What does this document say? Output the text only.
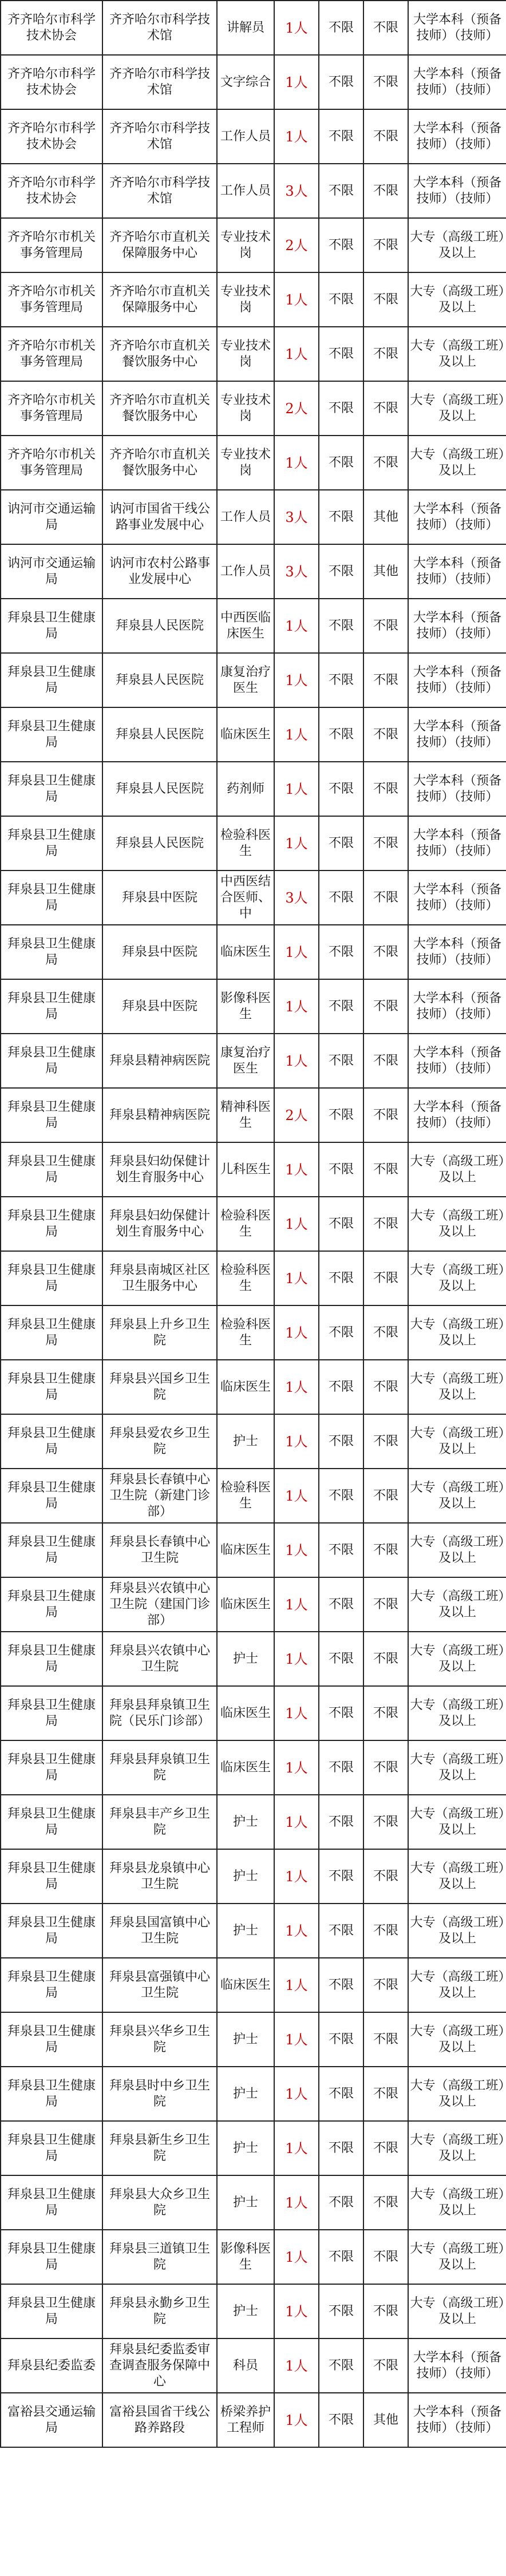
齐齐哈尔市科学技术协会	齐齐哈尔市科学技术馆	讲解员	1人	不限	不限	大学本科（预备技师）（技师）
齐齐哈尔市科学技术协会	齐齐哈尔市科学技术馆	文字综合	1人	不限	不限	大学本科（预备技师）（技师）
齐齐哈尔市科学技术协会	齐齐哈尔市科学技术馆	工作人员	1人	不限	不限	大学本科（预备技师）（技师）
齐齐哈尔市科学技术协会	齐齐哈尔市科学技术馆	工作人员	3人	不限	不限	大学本科（预备技师）（技师）
齐齐哈尔市机关事务管理局	齐齐哈尔市直机关保障服务中心	专业技术岗	2人	不限	不限	大专（高级工班）及以上
齐齐哈尔市机关事务管理局	齐齐哈尔市直机关保障服务中心	专业技术岗	1人	不限	不限	大专（高级工班）及以上
齐齐哈尔市机关事务管理局	齐齐哈尔市直机关餐饮服务中心	专业技术岗	1人	不限	不限	大专（高级工班）及以上
齐齐哈尔市机关事务管理局	齐齐哈尔市直机关餐饮服务中心	专业技术岗	2人	不限	不限	大专（高级工班）及以上
齐齐哈尔市机关事务管理局	齐齐哈尔市直机关餐饮服务中心	专业技术岗	1人	不限	不限	大专（高级工班）及以上
讷河市交通运输局	讷河市国省干线公路事业发展中心	工作人员	3人	不限	其他	大学本科（预备技师）（技师）
讷河市交通运输局	讷河市农村公路事业发展中心	工作人员	3人	不限	其他	大学本科（预备技师）（技师）
拜泉县卫生健康局	拜泉县人民医院	中西医临床医生	1人	不限	不限	大学本科（预备技师）（技师）
拜泉县卫生健康局	拜泉县人民医院	康复治疗医生	1人	不限	不限	大学本科（预备技师）（技师）
拜泉县卫生健康局	拜泉县人民医院	临床医生	1人	不限	不限	大学本科（预备技师）（技师）
拜泉县卫生健康局	拜泉县人民医院	药剂师	1人	不限	不限	大学本科（预备技师）（技师）
拜泉县卫生健康局	拜泉县人民医院	检验科医生	1人	不限	不限	大学本科（预备技师）（技师）
拜泉县卫生健康局	拜泉县中医院	中西医结合医师、中	3人	不限	不限	大学本科（预备技师）（技师）
拜泉县卫生健康局	拜泉县中医院	临床医生	1人	不限	不限	大学本科（预备技师）（技师）
拜泉县卫生健康局	拜泉县中医院	影像科医生	1人	不限	不限	大学本科（预备技师）（技师）
拜泉县卫生健康局	拜泉县精神病医院	康复治疗医生	1人	不限	不限	大学本科（预备技师）（技师）
拜泉县卫生健康局	拜泉县精神病医院	精神科医生	2人	不限	不限	大学本科（预备技师）（技师）
拜泉县卫生健康局	拜泉县妇幼保健计划生育服务中心	儿科医生	1人	不限	不限	大专（高级工班）及以上
拜泉县卫生健康局	拜泉县妇幼保健计划生育服务中心	检验科医生	1人	不限	不限	大专（高级工班）及以上
拜泉县卫生健康局	拜泉县南城区社区卫生服务中心	检验科医生	1人	不限	不限	大专（高级工班）及以上
拜泉县卫生健康局	拜泉县上升乡卫生院	检验科医生	1人	不限	不限	大专（高级工班）及以上
拜泉县卫生健康局	拜泉县兴国乡卫生院	临床医生	1人	不限	不限	大专（高级工班）及以上
拜泉县卫生健康局	拜泉县爱农乡卫生院	护士	1人	不限	不限	大专（高级工班）及以上
拜泉县卫生健康局	拜泉县长春镇中心卫生院（新建门诊部）	检验科医生	1人	不限	不限	大专（高级工班）及以上
拜泉县卫生健康局	拜泉县长春镇中心卫生院	临床医生	1人	不限	不限	大专（高级工班）及以上
拜泉县卫生健康局	拜泉县兴农镇中心卫生院（建国门诊部）	临床医生	1人	不限	不限	大专（高级工班）及以上
拜泉县卫生健康局	拜泉县兴农镇中心卫生院	护士	1人	不限	不限	大专（高级工班）及以上
拜泉县卫生健康局	拜泉县拜泉镇卫生院（民乐门诊部）	临床医生	1人	不限	不限	大专（高级工班）及以上
拜泉县卫生健康局	拜泉县拜泉镇卫生院	临床医生	1人	不限	不限	大专（高级工班）及以上
拜泉县卫生健康局	拜泉县丰产乡卫生院	护士	1人	不限	不限	大专（高级工班）及以上
拜泉县卫生健康局	拜泉县龙泉镇中心卫生院	护士	1人	不限	不限	大专（高级工班）及以上
拜泉县卫生健康局	拜泉县国富镇中心卫生院	护士	1人	不限	不限	大专（高级工班）及以上
拜泉县卫生健康局	拜泉县富强镇中心卫生院	临床医生	1人	不限	不限	大专（高级工班）及以上
拜泉县卫生健康局	拜泉县兴华乡卫生院	护士	1人	不限	不限	大专（高级工班）及以上
拜泉县卫生健康局	拜泉县时中乡卫生院	护士	1人	不限	不限	大专（高级工班）及以上
拜泉县卫生健康局	拜泉县新生乡卫生院	护士	1人	不限	不限	大专（高级工班）及以上
拜泉县卫生健康局	拜泉县大众乡卫生院	护士	1人	不限	不限	大专（高级工班）及以上
拜泉县卫生健康局	拜泉县三道镇卫生院	影像科医生	1人	不限	不限	大专（高级工班）及以上
拜泉县卫生健康局	拜泉县永勤乡卫生院	护士	1人	不限	不限	大专（高级工班）及以上
拜泉县纪委监委	拜泉县纪委监委审查调查服务保障中心	科员	1人	不限	不限	大学本科（预备技师）（技师）
富裕县交通运输局	富裕县国省干线公路养路段	桥梁养护工程师	1人	不限	其他	大学本科（预备技师）（技师）
